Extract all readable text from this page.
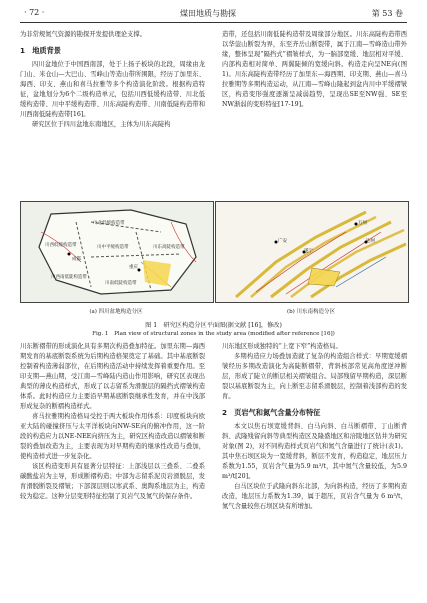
· 72 ·	煤田地质与勘探	第 53 卷

为非常规氮气资源的勘探开发提供理论支撑。

1　地质背景

四川盆地位于中国西南部，处于上扬子板块的北段，周缘由龙门山、米仓山—大巴山、雪峰山等造山带所围限，经历了加里东、海西、印支、燕山和喜马拉雅等多个构造演化阶段。根据构造特征，盆地划分为6个二级构造单元，包括川西低缓构造带、川北低缓构造带、川中平缓构造带、川东高陡构造带、川南低陡构造带和川西南低陡构造带[16]。

研究区位于四川盆地东南地区，主体为川东高陡构

造带，还包括川南低陡构造带及周缘部分地区。川东高陡构造带西以华蓥山断裂为界，东至齐岳山断裂带，属于江南—雪峰造山带外缘，整体呈现“隔挡式”褶皱样式，为一脑部宽缓、地层相对平缓、内部构造相对简单、两翼陡倾的宽缓向斜。构造走向呈NE向(图1)。川东高陡构造带经历了加里东—海西期、印支期、燕山—喜马拉雅期等多期构造运动，从江南—雪峰山隆起到盆内川中平缓褶皱区，构造变形强度逐渐呈减弱趋势，呈现出SE至NW强、SE至NW渐弱的变形特征[17-19]。

川西低缓构造带
川北低缓构造带
川中平缓构造带	川东高陡构造带
川西南低陡构造带
川南低陡构造带
成都
重庆
(a) 四川盆地构造分区
广安
万州
遂宁
达州
(b) 川东南构造分区
图 1　研究区构造分区平面图(据文献 [16]，修改)
Fig. 1　Plan view of structural zones in the study area (modified after reference [16])

川东断褶带的形成演化具有多期次构造叠加特征。加里东期—海西期发育的基底断裂系统为后期构造格架奠定了基础。其中基底断裂控制着构造薄弱部位，在后期构造活动中持续发挥着重要作用。至印支期—燕山期，受江南—雪峰陆内造山作用影响，研究区表现出典型的薄皮构造样式，形成了以志留系为滑脱层的隔挡式褶皱构造体系。此时构造应力主要沿早期基底断裂继承性发育，并在中浅部形成复杂的断褶构造样式。

喜马拉雅期构造格局受控于两大板块作用体系：印度板块向欧亚大陆的碰撞挤压与太平洋板块向NW-SE向的俯冲作用，这一阶段的构造应力以NE-NEE向挤压为主，研究区构造改造以褶皱和断裂的叠加改造为主，主要表现为对早期构造的继承性改造与叠加，使构造样式进一步复杂化。

该区构造变形具有显著分层特征：上部浅层以三叠系、二叠系碳酸盐岩为主导，形成断褶构造；中部为志留系泥页岩滑脱层，发育滑脱断裂及褶皱；下部深层则以寒武系、奥陶系地层为主，构造较为稳定。这种分层变形特征控制了页岩气及氮气的保存条件。

川东地区形成独特的“上宽下窄”构造格局。

多期构造应力场叠加造就了复杂的构造组合样式：早期宽缓褶皱经历多期改造演化为高陡断褶带，背斜核部常见高角度逆冲断层，形成了陡立的断层相关褶皱组合。局部残留早期构造，深层断裂以基底断裂为主，向上断至志留系滑脱层，控制着浅部构造的发育。

2　页岩气和氮气含量分布特征

本文以焦石坝宽缓背斜、白马向斜、白马断褶带、丁山断背斜、武隆残留向斜等典型构造区及隆盛地区和涪陵地区钻井为研究对象(图 2)，对不同构造样式页岩气和氮气含量进行了统计(表1)。其中焦石坝区块为一宽缓背斜，断层不发育，构造稳定，地层压力系数为1.55，页岩含气量为5.9 m³/t，其中氮气含量较低，为5.9 m³/t[20]。

白马区块位于武隆向斜东北部，为向斜构造，经历了多期构造改造，地层压力系数为1.39，属于超压，页岩含气量为 6 m³/t，氮气含量较焦石坝区块有所增加。
